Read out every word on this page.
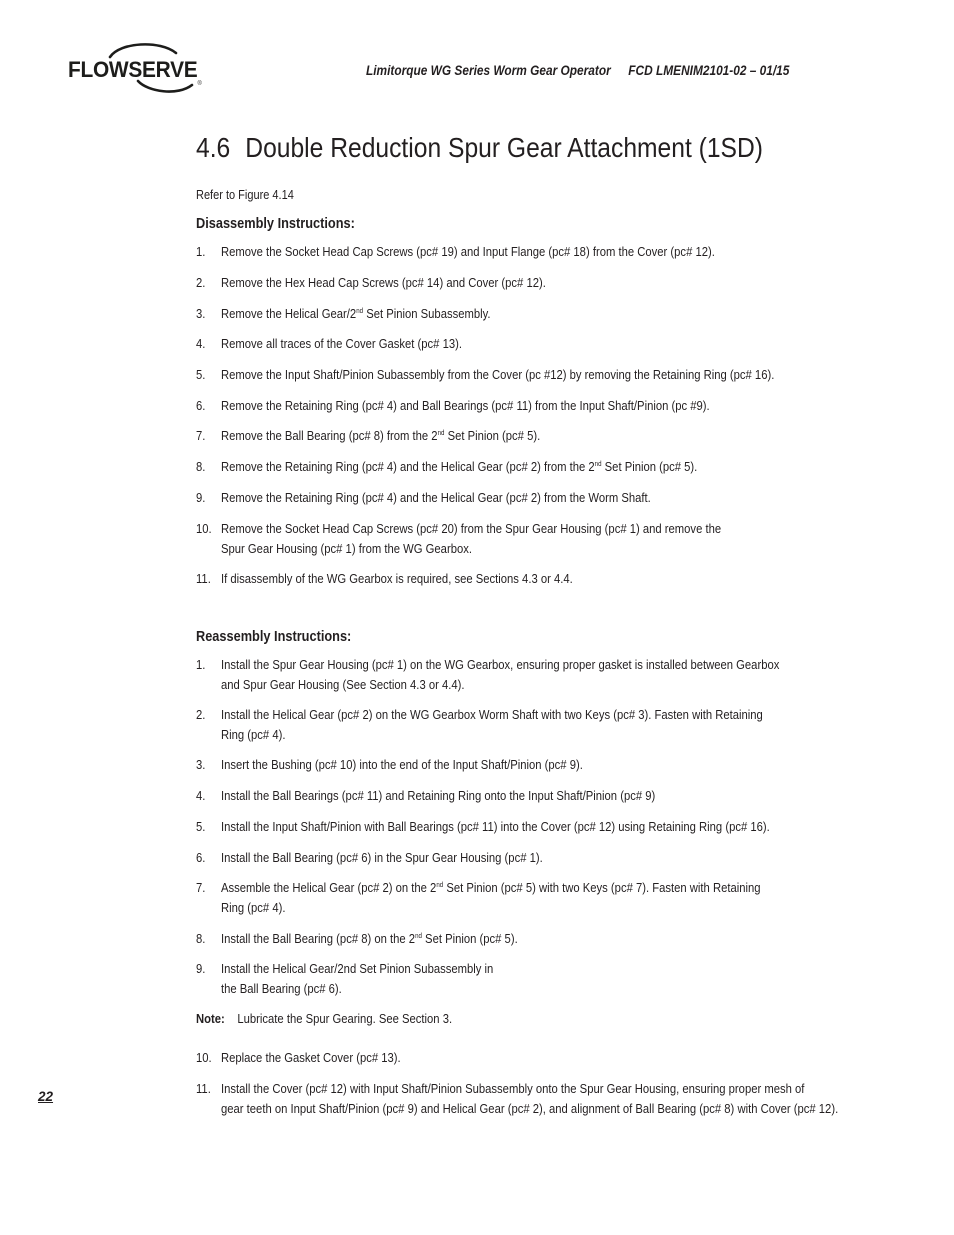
FLOWSERVE®
Limitorque WG Series Worm Gear Operator FCD LMENIM2101-02 – 01/15
4.6 Double Reduction Spur Gear Attachment (1SD)
Refer to Figure 4.14
Disassembly Instructions:
1.	Remove the Socket Head Cap Screws (pc# 19) and Input Flange (pc# 18) from the Cover (pc# 12).
2.	Remove the Hex Head Cap Screws (pc# 14) and Cover (pc# 12).
3.	Remove the Helical Gear/2nd Set Pinion Subassembly.
4.	Remove all traces of the Cover Gasket (pc# 13).
5.	Remove the Input Shaft/Pinion Subassembly from the Cover (pc #12) by removing the Retaining Ring (pc# 16).
6.	Remove the Retaining Ring (pc# 4) and Ball Bearings (pc# 11) from the Input Shaft/Pinion (pc #9).
7.	Remove the Ball Bearing (pc# 8) from the 2nd Set Pinion (pc# 5).
8.	Remove the Retaining Ring (pc# 4) and the Helical Gear (pc# 2) from the 2nd Set Pinion (pc# 5).
9.	Remove the Retaining Ring (pc# 4) and the Helical Gear (pc# 2) from the Worm Shaft.
10. Remove the Socket Head Cap Screws (pc# 20) from the Spur Gear Housing (pc# 1) and remove the
Spur Gear Housing (pc# 1) from the WG Gearbox.
11. If disassembly of the WG Gearbox is required, see Sections 4.3 or 4.4.
Reassembly Instructions:
1.	Install the Spur Gear Housing (pc# 1) on the WG Gearbox, ensuring proper gasket is installed between Gearbox
and Spur Gear Housing (See Section 4.3 or 4.4).
2.	Install the Helical Gear (pc# 2) on the WG Gearbox Worm Shaft with two Keys (pc# 3). Fasten with Retaining
Ring (pc# 4).
3.	Insert the Bushing (pc# 10) into the end of the Input Shaft/Pinion (pc# 9).
4.	Install the Ball Bearings (pc# 11) and Retaining Ring onto the Input Shaft/Pinion (pc# 9)
5.	Install the Input Shaft/Pinion with Ball Bearings (pc# 11) into the Cover (pc# 12) using Retaining Ring (pc# 16).
6.	Install the Ball Bearing (pc# 6) in the Spur Gear Housing (pc# 1).
7.	Assemble the Helical Gear (pc# 2) on the 2nd Set Pinion (pc# 5) with two Keys (pc# 7). Fasten with Retaining
Ring (pc# 4).
8.	Install the Ball Bearing (pc# 8) on the 2nd Set Pinion (pc# 5).
9.	Install the Helical Gear/2nd Set Pinion Subassembly in
the Ball Bearing (pc# 6).
10. Replace the Gasket Cover (pc# 13).
11. Install the Cover (pc# 12) with Input Shaft/Pinion Subassembly onto the Spur Gear Housing, ensuring proper mesh of
gear teeth on Input Shaft/Pinion (pc# 9) and Helical Gear (pc# 2), and alignment of Ball Bearing (pc# 8) with Cover (pc# 12).
Note: Lubricate the Spur Gearing. See Section 3.
22
